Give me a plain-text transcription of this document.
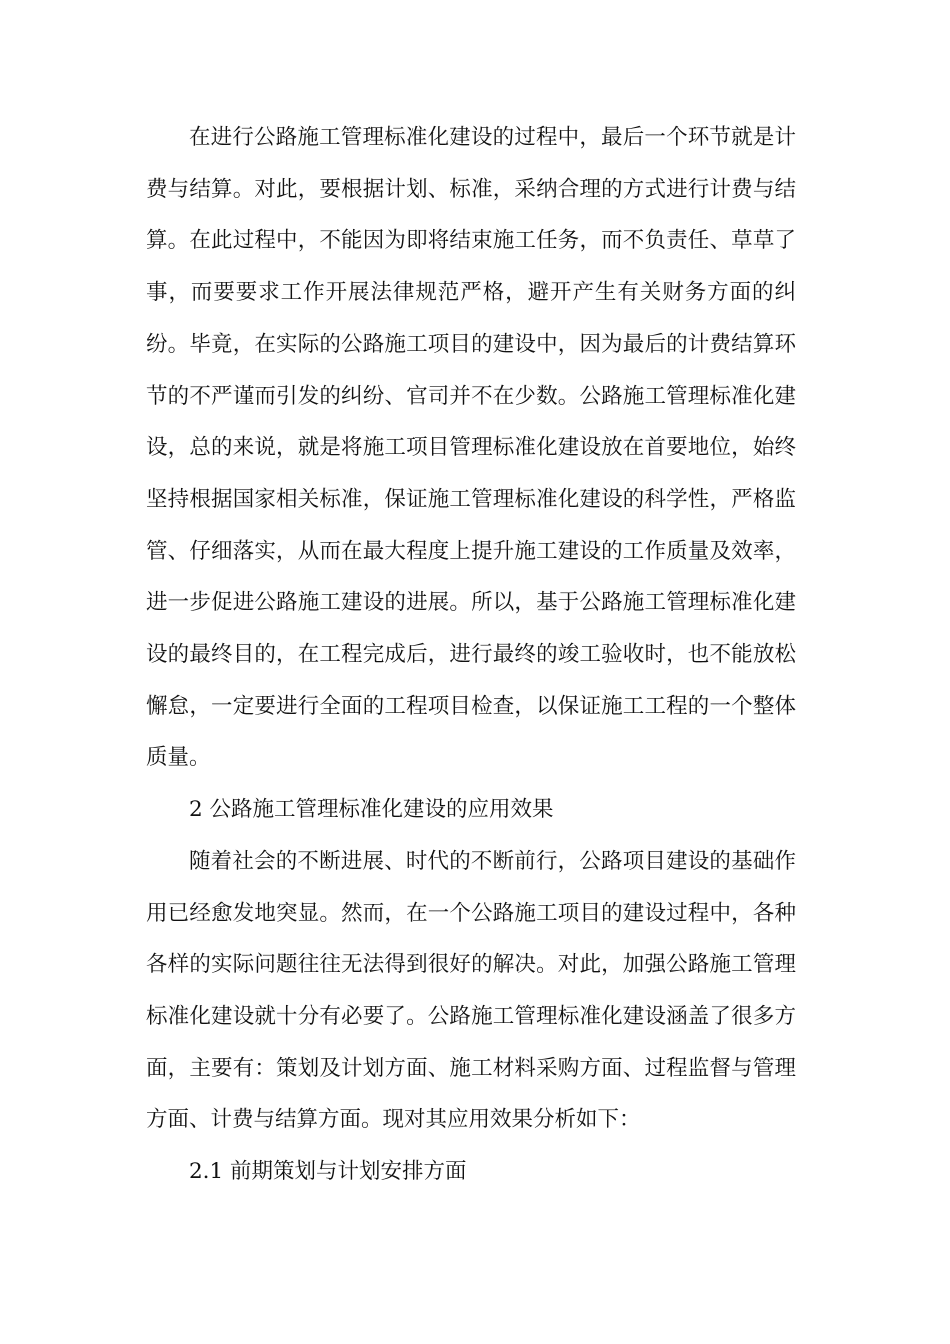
在进行公路施工管理标准化建设的过程中，最后一个环节就是计费与结算。对此，要根据计划、标准，采纳合理的方式进行计费与结算。在此过程中，不能因为即将结束施工任务，而不负责任、草草了事，而要要求工作开展法律规范严格，避开产生有关财务方面的纠纷。毕竟，在实际的公路施工项目的建设中，因为最后的计费结算环节的不严谨而引发的纠纷、官司并不在少数。公路施工管理标准化建设，总的来说，就是将施工项目管理标准化建设放在首要地位，始终坚持根据国家相关标准，保证施工管理标准化建设的科学性，严格监管、仔细落实，从而在最大程度上提升施工建设的工作质量及效率，进一步促进公路施工建设的进展。所以，基于公路施工管理标准化建设的最终目的，在工程完成后，进行最终的竣工验收时，也不能放松懈怠，一定要进行全面的工程项目检查，以保证施工工程的一个整体质量。

2 公路施工管理标准化建设的应用效果

随着社会的不断进展、时代的不断前行，公路项目建设的基础作用已经愈发地突显。然而，在一个公路施工项目的建设过程中，各种各样的实际问题往往无法得到很好的解决。对此，加强公路施工管理标准化建设就十分有必要了。公路施工管理标准化建设涵盖了很多方面，主要有：策划及计划方面、施工材料采购方面、过程监督与管理方面、计费与结算方面。现对其应用效果分析如下：

2.1 前期策划与计划安排方面
